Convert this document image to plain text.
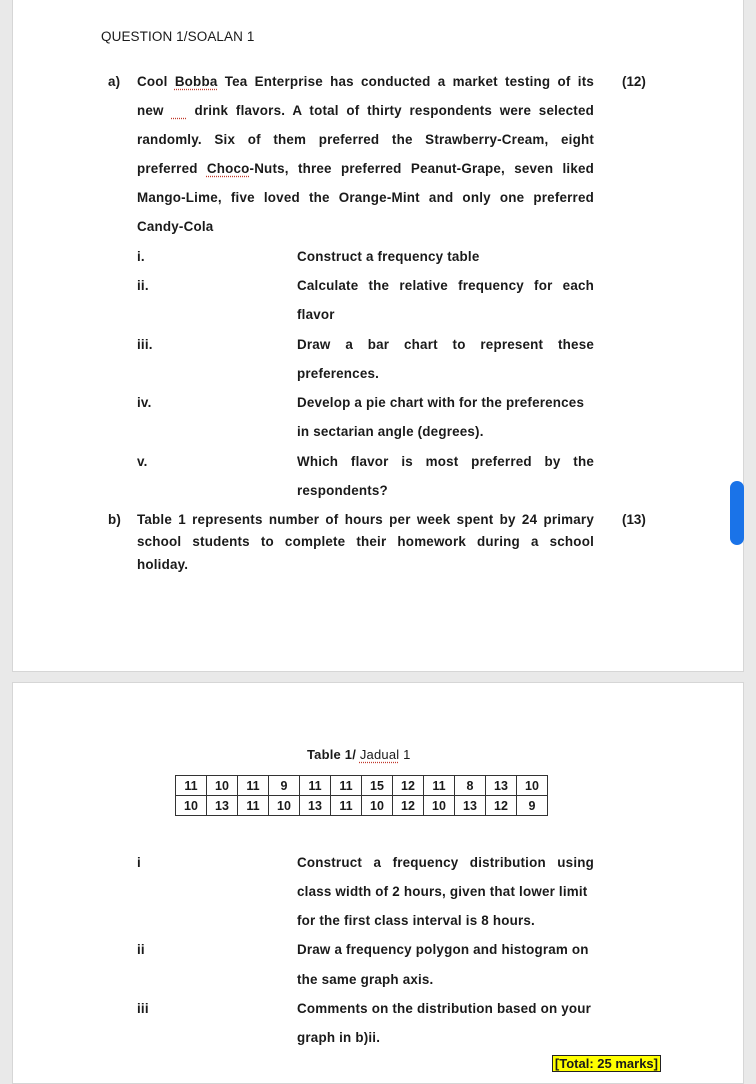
QUESTION 1/SOALAN 1
a)	(12)
Cool Bobba Tea Enterprise has conducted a market testing of its
new drink flavors. A total of thirty respondents were selected
randomly. Six of them preferred the Strawberry-Cream, eight
preferred Choco-Nuts, three preferred Peanut-Grape, seven liked
Mango-Lime, five loved the Orange-Mint and only one preferred
Candy-Cola
i.	Construct a frequency table
ii.	Calculate the relative frequency for each
flavor
iii.	Draw a bar chart to represent these
preferences.
iv.	Develop a pie chart with for the preferences
in sectarian angle (degrees).
v.	Which flavor is most preferred by the
respondents?
b)	(13)
Table 1 represents number of hours per week spent by 24 primary
school students to complete their homework during a school
holiday.
Table 1/ Jadual 1
11	10	11	9	11	11	15	12	11	8	13	10
10	13	11	10	13	11	10	12	10	13	12	9
i	Construct a frequency distribution using
class width of 2 hours, given that lower limit
for the first class interval is 8 hours.
ii	Draw a frequency polygon and histogram on
the same graph axis.
iii	Comments on the distribution based on your
graph in b)ii.
[Total: 25 marks]
